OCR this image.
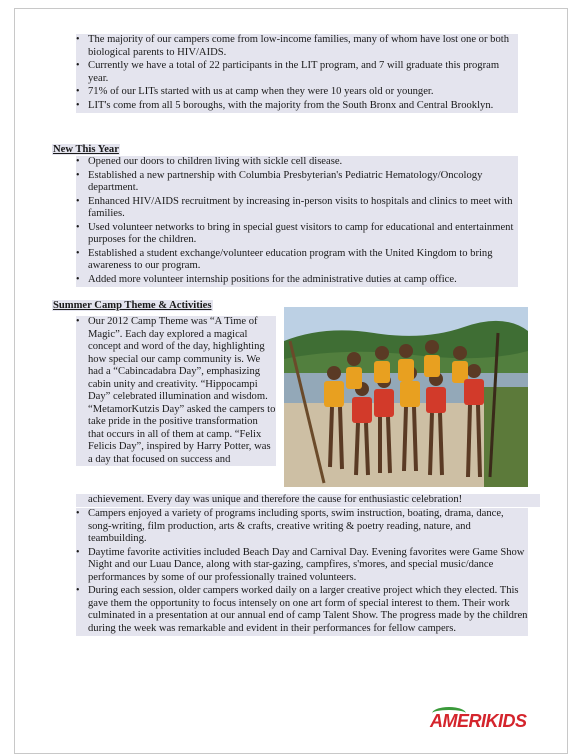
• The majority of our campers come from low-income families, many of whom have lost one or both biological parents to HIV/AIDS.
• Currently we have a total of 22 participants in the LIT program, and 7 will graduate this program year.
• 71% of our LITs started with us at camp when they were 10 years old or younger.
• LIT's come from all 5 boroughs, with the majority from the South Bronx and Central Brooklyn.
New This Year
• Opened our doors to children living with sickle cell disease.
• Established a new partnership with Columbia Presbyterian's Pediatric Hematology/Oncology department.
• Enhanced HIV/AIDS recruitment by increasing in-person visits to hospitals and clinics to meet with families.
• Used volunteer networks to bring in special guest visitors to camp for educational and entertainment purposes for the children.
• Established a student exchange/volunteer education program with the United Kingdom to bring awareness to our program.
• Added more volunteer internship positions for the administrative duties at camp office.
Summer Camp Theme & Activities
• Our 2012 Camp Theme was “A Time of Magic”. Each day explored a magical concept and word of the day, highlighting how special our camp community is. We had a “Cabincadabra Day”, emphasizing cabin unity and creativity. “Hippocampi Day” celebrated illumination and wisdom. “MetamorKutzis Day” asked the campers to take pride in the positive transformation that occurs in all of them at camp. “Felix Felicis Day”, inspired by Harry Potter, was a day that focused on success and
achievement. Every day was unique and therefore the cause for enthusiastic celebration!
• Campers enjoyed a variety of programs including sports, swim instruction, boating, drama, dance, song-writing, film production, arts & crafts, creative writing & poetry reading, nature, and teambuilding.
• Daytime favorite activities included Beach Day and Carnival Day. Evening favorites were Game Show Night and our Luau Dance, along with star-gazing, campfires, s'mores, and special music/dance performances by some of our professionally trained volunteers.
• During each session, older campers worked daily on a larger creative project which they elected. This gave them the opportunity to focus intensely on one art form of special interest to them. Their work culminated in a presentation at our annual end of camp Talent Show. The progress made by the children during the week was remarkable and evident in their performances for fellow campers.
AMERIKIDS
